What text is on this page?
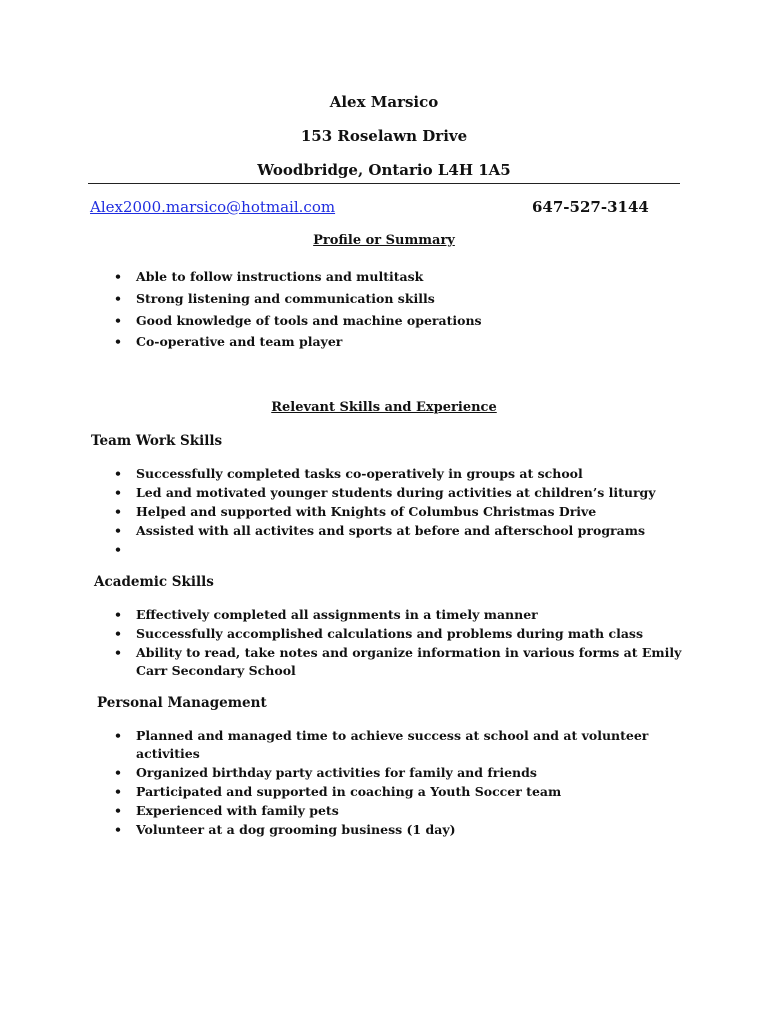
Alex Marsico
153 Roselawn Drive
Woodbridge, Ontario L4H 1A5
Alex2000.marsico@hotmail.com	647-527-3144
Profile or Summary
• Able to follow instructions and multitask
• Strong listening and communication skills
• Good knowledge of tools and machine operations
• Co-operative and team player
Relevant Skills and Experience
Team Work Skills
• Successfully completed tasks co-operatively in groups at school
• Led and motivated younger students during activities at children’s liturgy
• Helped and supported with Knights of Columbus Christmas Drive
• Assisted with all activites and sports at before and afterschool programs
•
Academic Skills
• Effectively completed all assignments in a timely manner
• Successfully accomplished calculations and problems during math class
• Ability to read, take notes and organize information in various forms at Emily Carr Secondary School
Personal Management
• Planned and managed time to achieve success at school and at volunteer activities
• Organized birthday party activities for family and friends
• Participated and supported in coaching a Youth Soccer team
• Experienced with family pets
• Volunteer at a dog grooming business (1 day)
